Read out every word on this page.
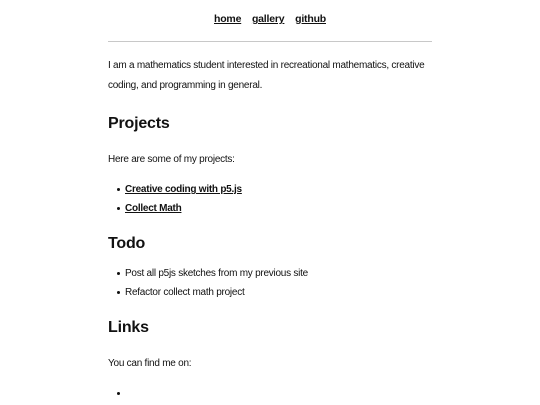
home gallery github

I am a mathematics student interested in recreational mathematics, creative coding, and programming in general.

Projects

Here are some of my projects:

Creative coding with p5.js
Collect Math
Todo
Post all p5js sketches from my previous site
Refactor collect math project
Links

You can find me on:
